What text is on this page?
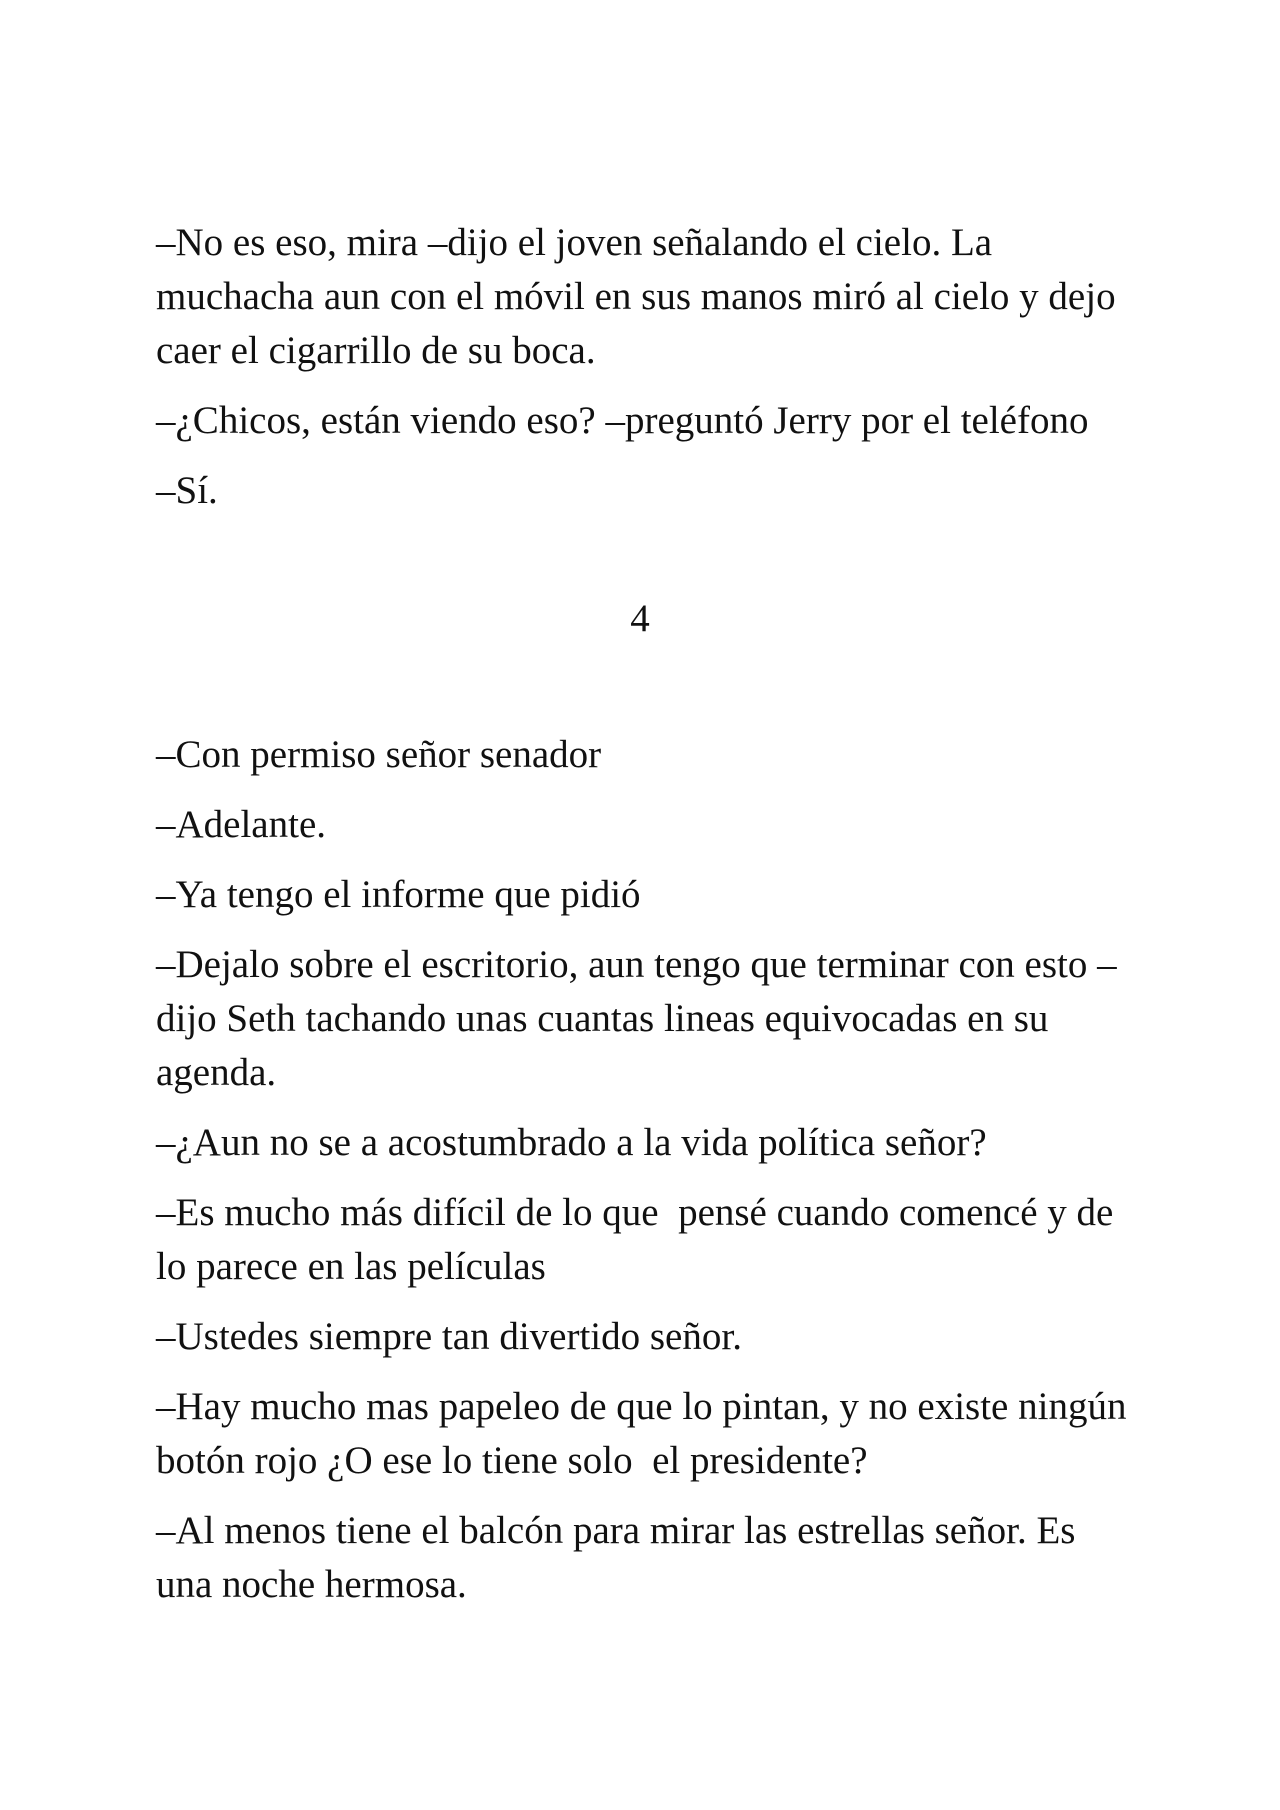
–No es eso, mira –dijo el joven señalando el cielo. La muchacha aun con el móvil en sus manos miró al cielo y dejo caer el cigarrillo de su boca.

–¿Chicos, están viendo eso? –preguntó Jerry por el teléfono

–Sí.

4

–Con permiso señor senador

–Adelante.

–Ya tengo el informe que pidió

–Dejalo sobre el escritorio, aun tengo que terminar con esto –dijo Seth tachando unas cuantas lineas equivocadas en su agenda.

–¿Aun no se a acostumbrado a la vida política señor?

–Es mucho más difícil de lo que  pensé cuando comencé y de lo parece en las películas

–Ustedes siempre tan divertido señor.

–Hay mucho mas papeleo de que lo pintan, y no existe ningún botón rojo ¿O ese lo tiene solo  el presidente?

–Al menos tiene el balcón para mirar las estrellas señor. Es una noche hermosa.
